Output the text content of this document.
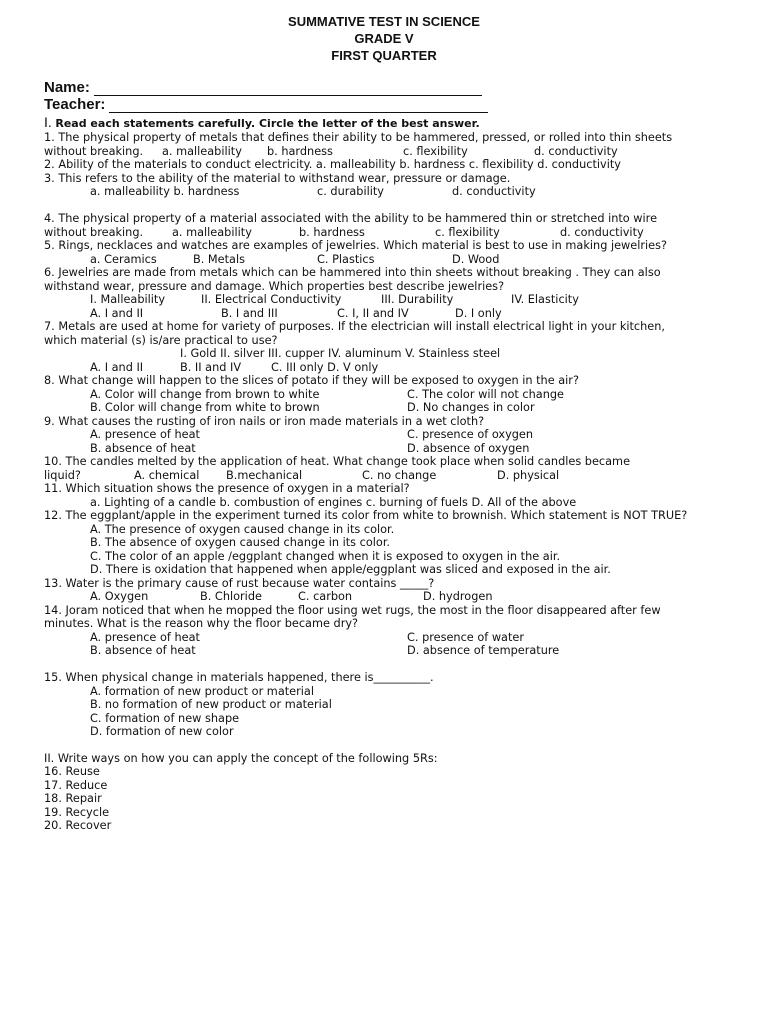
SUMMATIVE TEST IN SCIENCE
GRADE V
FIRST QUARTER
Name:
Teacher:
I. Read each statements carefully. Circle the letter of the best answer.
1. The physical property of metals that defines their ability to be hammered, pressed, or rolled into thin sheets
without breaking. a. malleability b. hardness	c. flexibility	d. conductivity
2. Ability of the materials to conduct electricity. a. malleability b. hardness c. flexibility d. conductivity
3. This refers to the ability of the material to withstand wear, pressure or damage.
a. malleability b. hardness	c. durability	d. conductivity
4. The physical property of a material associated with the ability to be hammered thin or stretched into wire
without breaking.	a. malleability	b. hardness	c. flexibility	d. conductivity
5. Rings, necklaces and watches are examples of jewelries. Which material is best to use in making jewelries?
a. Ceramics	B. Metals	C. Plastics	D. Wood
6. Jewelries are made from metals which can be hammered into thin sheets without breaking . They can also
withstand wear, pressure and damage. Which properties best describe jewelries?
I. Malleability	II. Electrical Conductivity	III. Durability	IV. Elasticity
A. I and II	B. I and III	C. I, II and IV	D. I only
7. Metals are used at home for variety of purposes. If the electrician will install electrical light in your kitchen,
which material (s) is/are practical to use?
I. Gold II. silver III. cupper IV. aluminum V. Stainless steel
A. I and II	B. II and IV	C. III only D. V only
8. What change will happen to the slices of potato if they will be exposed to oxygen in the air?
A. Color will change from brown to white	C. The color will not change
B. Color will change from white to brown	D. No changes in color
9. What causes the rusting of iron nails or iron made materials in a wet cloth?
A. presence of heat	C. presence of oxygen
B. absence of heat	D. absence of oxygen
10. The candles melted by the application of heat. What change took place when solid candles became
liquid?	A. chemical B.mechanical	C. no change	D. physical
11. Which situation shows the presence of oxygen in a material?
a. Lighting of a candle b. combustion of engines c. burning of fuels D. All of the above
12. The eggplant/apple in the experiment turned its color from white to brownish. Which statement is NOT TRUE?
A. The presence of oxygen caused change in its color.
B. The absence of oxygen caused change in its color.
C. The color of an apple /eggplant changed when it is exposed to oxygen in the air.
D. There is oxidation that happened when apple/eggplant was sliced and exposed in the air.
13. Water is the primary cause of rust because water contains _____?
A. Oxygen	B. Chloride	C. carbon	D. hydrogen
14. Joram noticed that when he mopped the floor using wet rugs, the most in the floor disappeared after few
minutes. What is the reason why the floor became dry?
A. presence of heat	C. presence of water
B. absence of heat	D. absence of temperature
15. When physical change in materials happened, there is__________.
A. formation of new product or material
B. no formation of new product or material
C. formation of new shape
D. formation of new color
II. Write ways on how you can apply the concept of the following 5Rs:
16. Reuse
17. Reduce
18. Repair
19. Recycle
20. Recover
